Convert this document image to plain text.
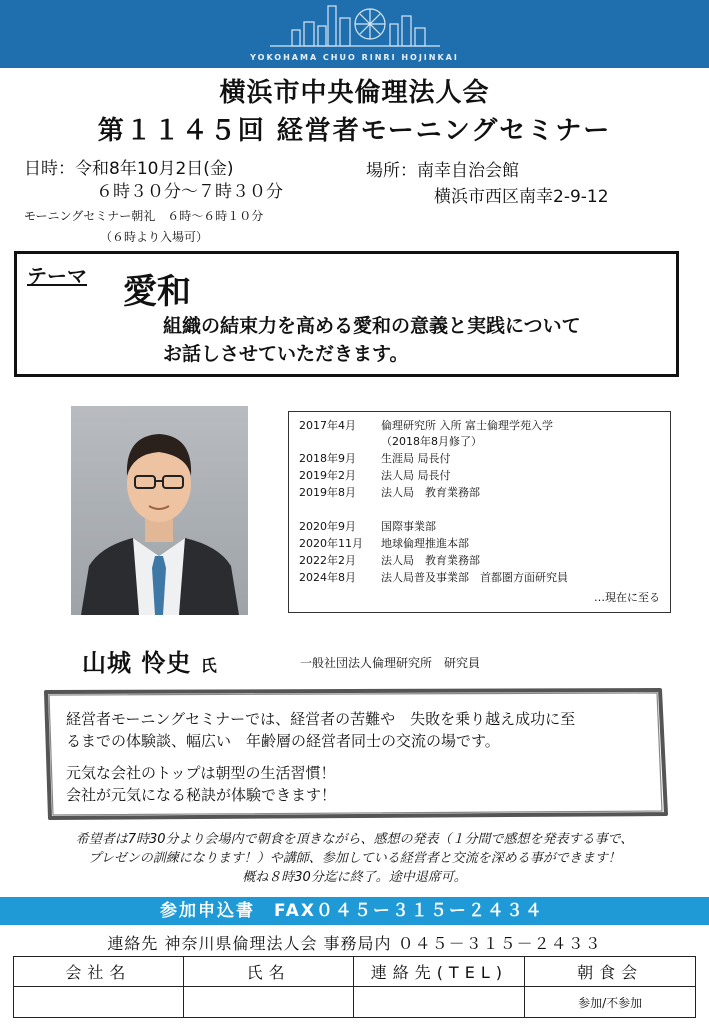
YOKOHAMA CHUO RINRI HOJINKAI
横浜市中央倫理法人会
第１１４５回 経営者モーニングセミナー
日時：令和8年10月2日(金)
６時３０分～７時３０分
モーニングセミナー朝礼　６時～６時１０分
（６時より入場可）
場所：南幸自治会館
横浜市西区南幸2-9-12
テーマ 愛和
組織の結束力を高める愛和の意義と実践について
お話しさせていただきます。
2017年4月 倫理研究所 入所 富士倫理学苑入学
（2018年8月修了）
2018年9月 生涯局 局長付
2019年2月 法人局 局長付
2019年8月 法人局　教育業務部
2020年9月 国際事業部
2020年11月 地球倫理推進本部
2022年2月 法人局　教育業務部
2024年8月 法人局普及事業部　首都圏方面研究員
…現在に至る
山城 怜史 氏	一般社団法人倫理研究所　研究員
経営者モーニングセミナーでは、経営者の苦難や　失敗を乗り越え成功に至
るまでの体験談、幅広い　年齢層の経営者同士の交流の場です。
元気な会社のトップは朝型の生活習慣！
会社が元気になる秘訣が体験できます！
希望者は7時30分より会場内で朝食を頂きながら、感想の発表（１分間で感想を発表する事で、
プレゼンの訓練になります！）や講師、参加している経営者と交流を深める事ができます！
概ね８時30分迄に終了。途中退席可。
参加申込書　FAX０４５ー３１５ー２４３４
連絡先 神奈川県倫理法人会 事務局内 ０４５－３１５－２４３３
会社名	氏名	連絡先(TEL)	朝食会
			参加/不参加
